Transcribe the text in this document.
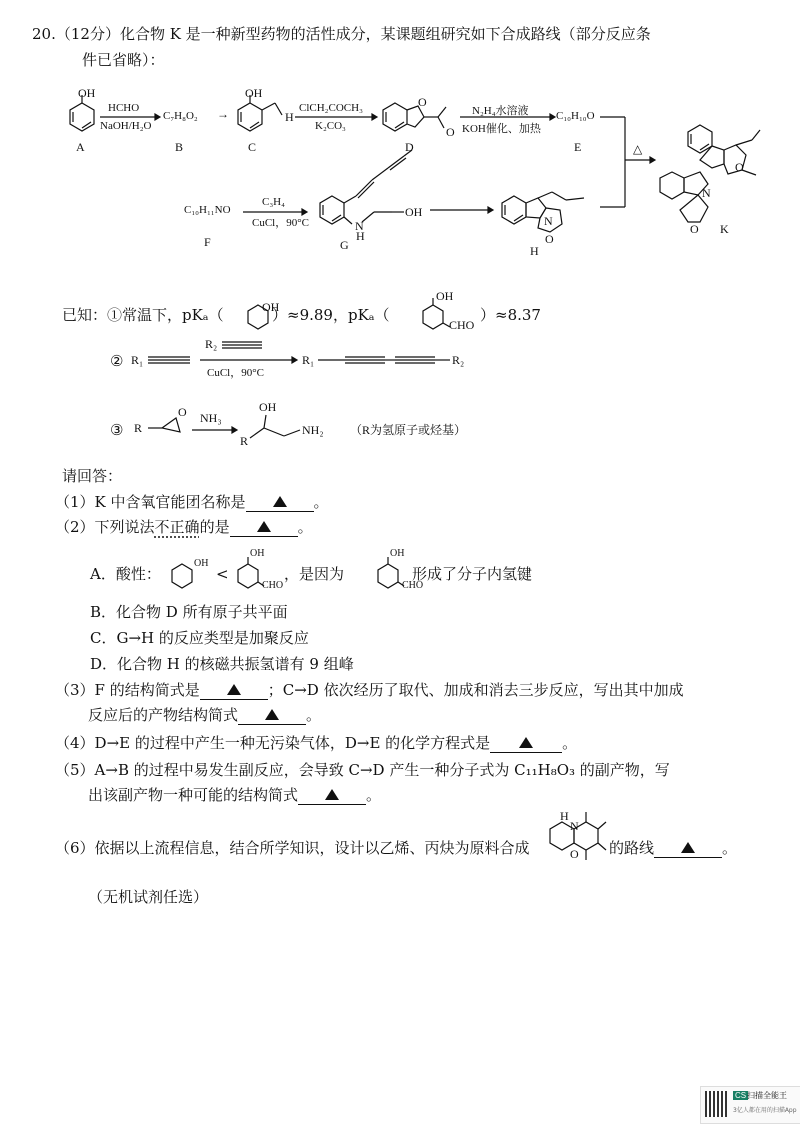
20.（12分）化合物 K 是一种新型药物的活性成分，某课题组研究如下合成路线（部分反应条
件已省略）：
OH
A
HCHO
NaOH/H₂O
C₇H₈O₂
B
→
OH
H
C
ClCH₂COCH₃
K₂CO₃
O
O
D
N₂H₄水溶液
KOH催化、加热
C₁₀H₁₀O
E	△
O
N
O K
C₁₀H₁₁NO
F
C₃H₄
CuCl，90°C	N
H
OH
G
N
O
H
已知：①常温下，pKₐ（	）≈9.89，pKₐ（
OH
OH
CHO
）≈8.37
② R₁
R₂
CuCl，90°C
R₁	R₂
③ R
O NH₃
R
OH
NH₂ （R为氢原子或烃基）
请回答：
（1）K 中含氧官能团名称是	。
（2）下列说法不正确的是	。
A．酸性：
OH
<
OH
CHO
，是因为
OH
CHO
形成了分子内氢键
B．化合物 D 所有原子共平面
C．G→H 的反应类型是加聚反应
D．化合物 H 的核磁共振氢谱有 9 组峰
（3）F 的结构简式是	；C→D 依次经历了取代、加成和消去三步反应，写出其中加成
反应后的产物结构简式	。
（4）D→E 的过程中产生一种无污染气体，D→E 的化学方程式是	。
（5）A→B 的过程中易发生副反应，会导致 C→D 产生一种分子式为 C₁₁H₈O₃ 的副产物，写
出该副产物一种可能的结构简式	。
（6）依据以上流程信息，结合所学知识，设计以乙烯、丙炔为原料合成
H
N
O 的路线	。
（无机试剂任选）
CS 扫描全能王
3亿人都在用的扫描App
